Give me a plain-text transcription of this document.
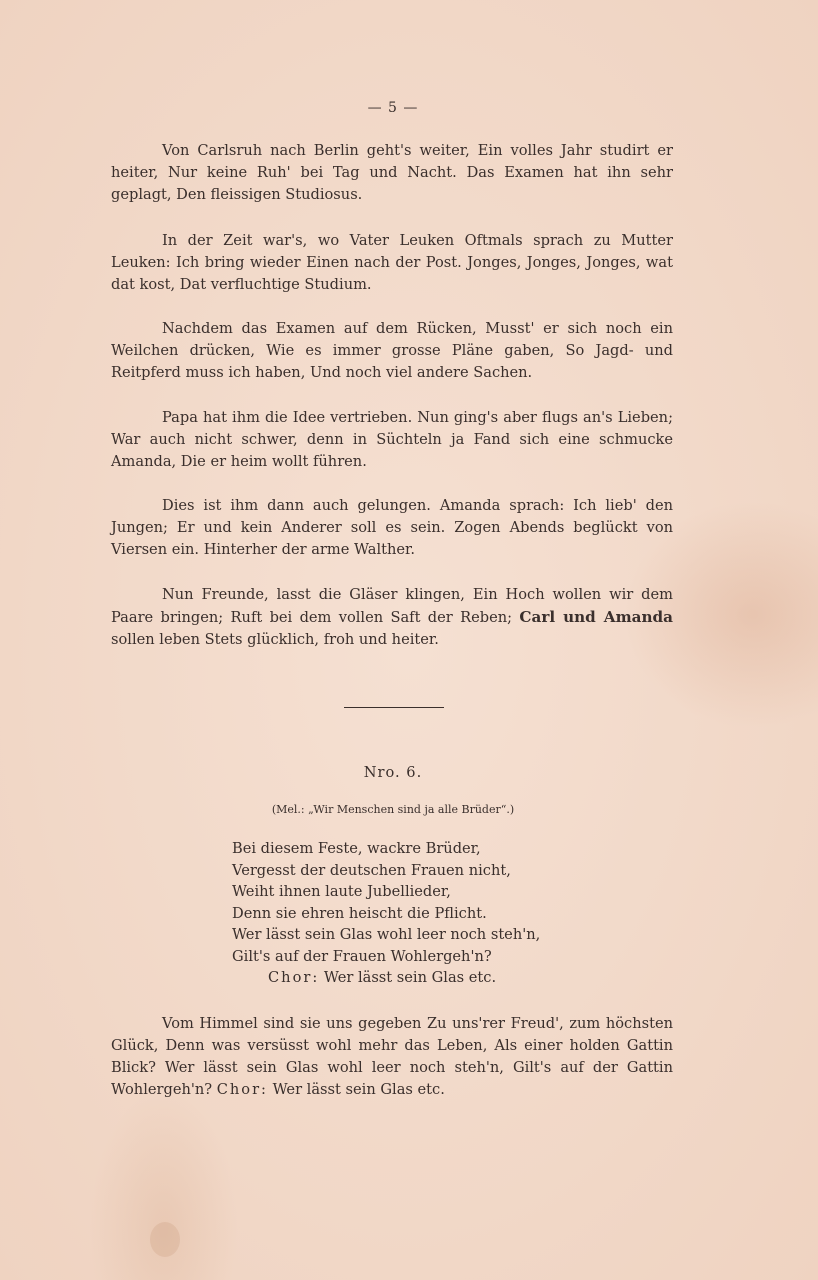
— 5 —

Von Carlsruh nach Berlin geht's weiter, Ein volles Jahr studirt er heiter, Nur keine Ruh' bei Tag und Nacht. Das Examen hat ihn sehr geplagt, Den fleissigen Studiosus.

In der Zeit war's, wo Vater Leuken Oftmals sprach zu Mutter Leuken: Ich bring wieder Einen nach der Post. Jonges, Jonges, Jonges, wat dat kost, Dat verfluchtige Studium.

Nachdem das Examen auf dem Rücken, Musst' er sich noch ein Weilchen drücken, Wie es immer grosse Pläne gaben, So Jagd- und Reitpferd muss ich haben, Und noch viel andere Sachen.

Papa hat ihm die Idee vertrieben. Nun ging's aber flugs an's Lieben; War auch nicht schwer, denn in Süchteln ja Fand sich eine schmucke Amanda, Die er heim wollt führen.

Dies ist ihm dann auch gelungen. Amanda sprach: Ich lieb' den Jungen; Er und kein Anderer soll es sein. Zogen Abends beglückt von Viersen ein. Hinterher der arme Walther.

Nun Freunde, lasst die Gläser klingen, Ein Hoch wollen wir dem Paare bringen; Ruft bei dem vollen Saft der Reben; Carl und Amanda sollen leben Stets glücklich, froh und heiter.

Nro. 6.
(Mel.: „Wir Menschen sind ja alle Brüder“.)
Bei diesem Feste, wackre Brüder,
Vergesst der deutschen Frauen nicht,
Weiht ihnen laute Jubellieder,
Denn sie ehren heischt die Pflicht.
Wer lässt sein Glas wohl leer noch steh'n,
Gilt's auf der Frauen Wohlergeh'n?
Chor: Wer lässt sein Glas etc.

Vom Himmel sind sie uns gegeben Zu uns'rer Freud', zum höchsten Glück, Denn was versüsst wohl mehr das Leben, Als einer holden Gattin Blick? Wer lässt sein Glas wohl leer noch steh'n, Gilt's auf der Gattin Wohlergeh'n? Chor: Wer lässt sein Glas etc.
